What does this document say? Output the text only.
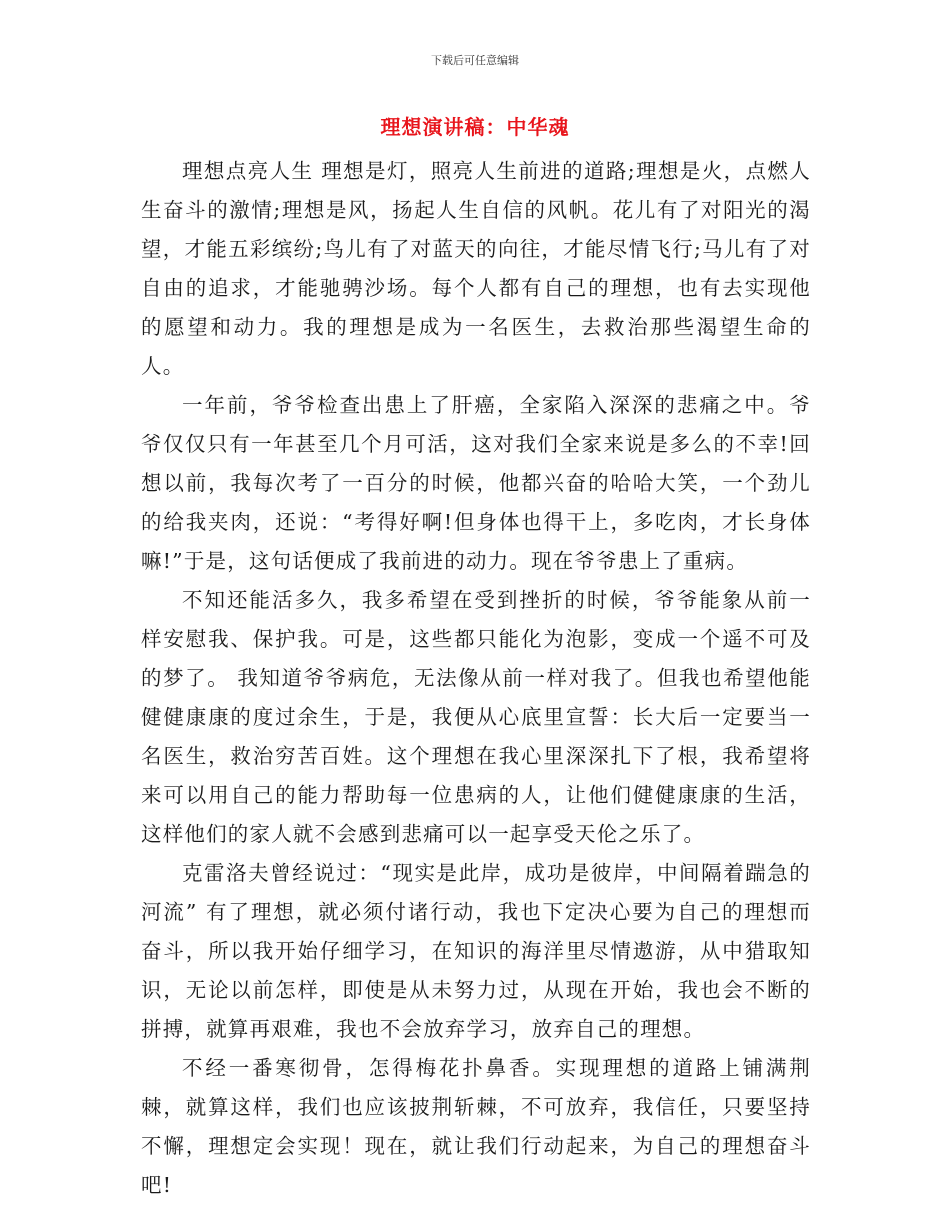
下载后可任意编辑
理想演讲稿：中华魂

理想点亮人生 理想是灯，照亮人生前进的道路;理想是火，点燃人生奋斗的激情;理想是风，扬起人生自信的风帆。花儿有了对阳光的渴望，才能五彩缤纷;鸟儿有了对蓝天的向往，才能尽情飞行;马儿有了对自由的追求，才能驰骋沙场。每个人都有自己的理想，也有去实现他的愿望和动力。我的理想是成为一名医生，去救治那些渴望生命的人。

一年前，爷爷检查出患上了肝癌，全家陷入深深的悲痛之中。爷爷仅仅只有一年甚至几个月可活，这对我们全家来说是多么的不幸!回想以前，我每次考了一百分的时候，他都兴奋的哈哈大笑，一个劲儿的给我夹肉，还说：“考得好啊!但身体也得干上，多吃肉，才长身体嘛!”于是，这句话便成了我前进的动力。现在爷爷患上了重病。

不知还能活多久，我多希望在受到挫折的时候，爷爷能象从前一样安慰我、保护我。可是，这些都只能化为泡影，变成一个遥不可及的梦了。 我知道爷爷病危，无法像从前一样对我了。但我也希望他能健健康康的度过余生，于是，我便从心底里宣誓：长大后一定要当一名医生，救治穷苦百姓。这个理想在我心里深深扎下了根，我希望将来可以用自己的能力帮助每一位患病的人，让他们健健康康的生活，这样他们的家人就不会感到悲痛可以一起享受天伦之乐了。

克雷洛夫曾经说过：“现实是此岸，成功是彼岸，中间隔着踹急的河流” 有了理想，就必须付诸行动，我也下定决心要为自己的理想而奋斗，所以我开始仔细学习，在知识的海洋里尽情遨游，从中猎取知识，无论以前怎样，即使是从未努力过，从现在开始，我也会不断的拼搏，就算再艰难，我也不会放弃学习，放弃自己的理想。

不经一番寒彻骨，怎得梅花扑鼻香。实现理想的道路上铺满荆棘，就算这样，我们也应该披荆斩棘，不可放弃，我信任，只要坚持不懈，理想定会实现！现在，就让我们行动起来，为自己的理想奋斗吧!
